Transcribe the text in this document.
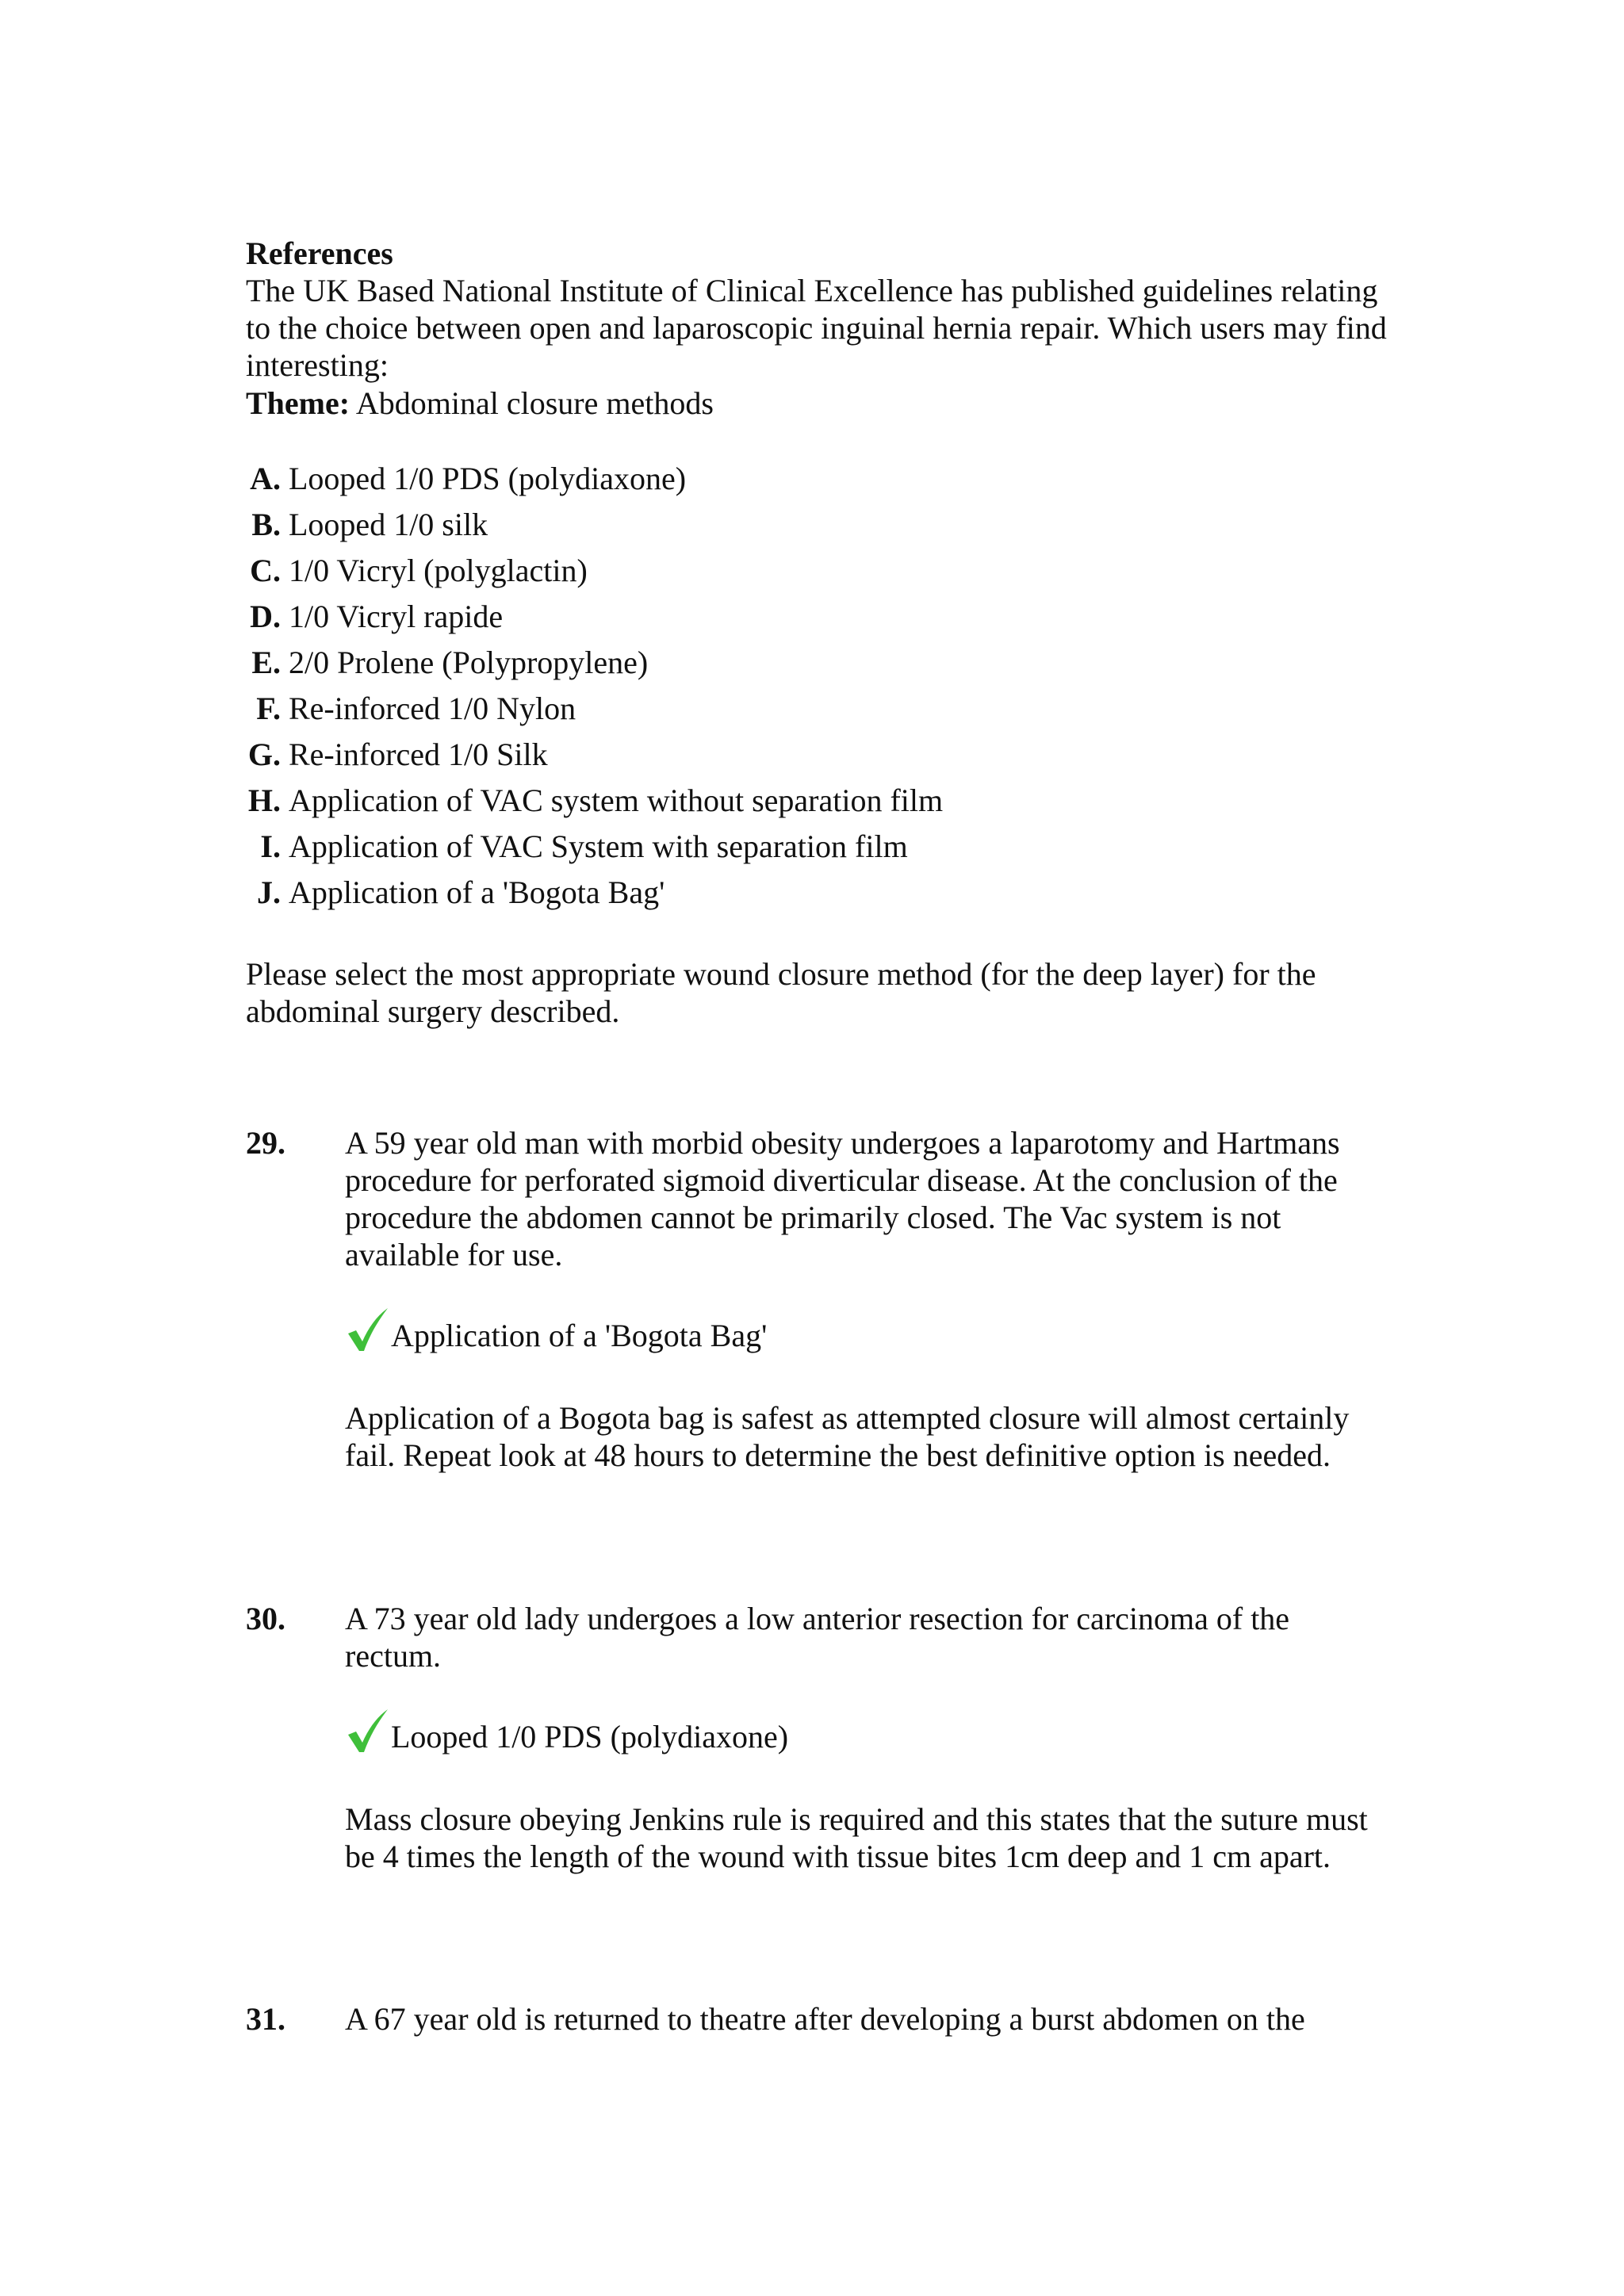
References
The UK Based National Institute of Clinical Excellence has published guidelines relating to the choice between open and laparoscopic inguinal hernia repair. Which users may find interesting:
Theme: Abdominal closure methods
A. Looped 1/0 PDS (polydiaxone)
B. Looped 1/0 silk
C. 1/0 Vicryl (polyglactin)
D. 1/0 Vicryl rapide
E. 2/0 Prolene (Polypropylene)
F. Re-inforced 1/0 Nylon
G. Re-inforced 1/0 Silk
H. Application of VAC system without separation film
I. Application of VAC System with separation film
J. Application of a 'Bogota Bag'
Please select the most appropriate wound closure method (for the deep layer) for the abdominal surgery described.
29. A 59 year old man with morbid obesity undergoes a laparotomy and Hartmans procedure for perforated sigmoid diverticular disease. At the conclusion of the procedure the abdomen cannot be primarily closed. The Vac system is not available for use.
Application of a 'Bogota Bag'
Application of a Bogota bag is safest as attempted closure will almost certainly fail. Repeat look at 48 hours to determine the best definitive option is needed.
30. A 73 year old lady undergoes a low anterior resection for carcinoma of the rectum.
Looped 1/0 PDS (polydiaxone)
Mass closure obeying Jenkins rule is required and this states that the suture must be 4 times the length of the wound with tissue bites 1cm deep and 1 cm apart.
31. A 67 year old is returned to theatre after developing a burst abdomen on the
